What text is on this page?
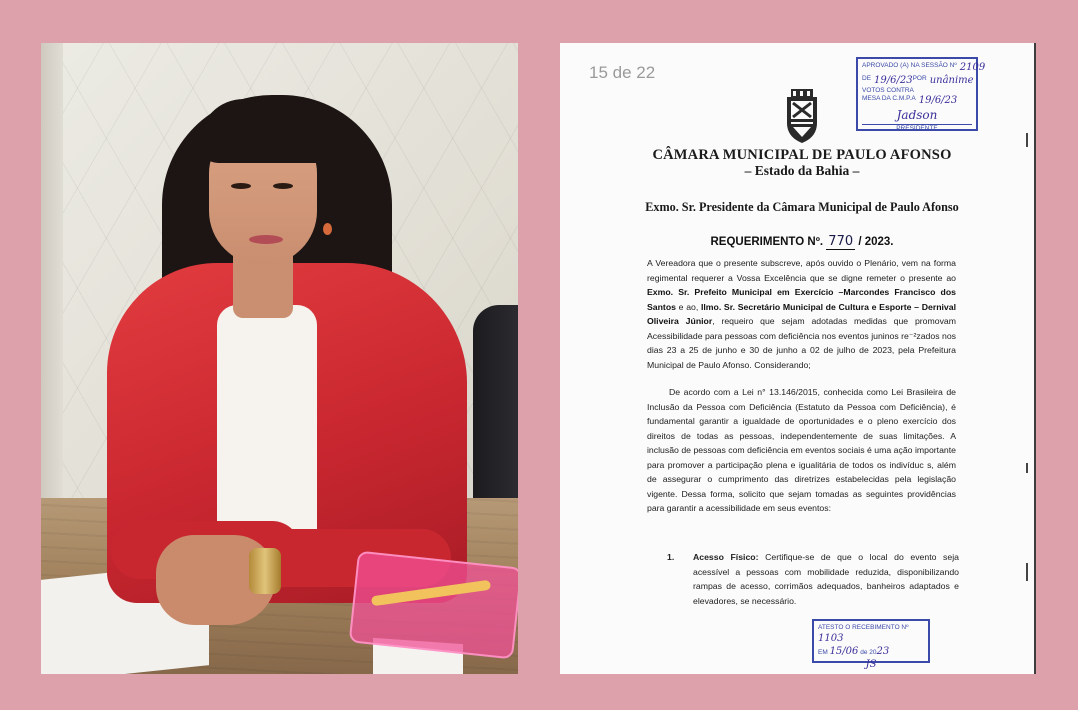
15 de 22	APROVADO (A) NA SESSÃO Nº 2109
DE 19/6/23 POR unânime
VOTOS CONTRA
MESA DA C.M.P.A 19/6/23
Jadson
PRESIDENTE
CÂMARA MUNICIPAL DE PAULO AFONSO
– Estado da Bahia –
Exmo. Sr. Presidente da Câmara Municipal de Paulo Afonso
REQUERIMENTO Nº. 770 / 2023.
A Vereadora que o presente subscreve, após ouvido o Plenário, vem na forma regimental requerer a Vossa Excelência que se digne remeter o presente ao Exmo. Sr. Prefeito Municipal em Exercício –Marcondes Francisco dos Santos e ao, Ilmo. Sr. Secretário Municipal de Cultura e Esporte – Dernival Oliveira Júnior, requeiro que sejam adotadas medidas que promovam Acessibilidade para pessoas com deficiência nos eventos juninos re⁻²zados nos dias 23 a 25 de junho e 30 de junho a 02 de julho de 2023, pela Prefeitura Municipal de Paulo Afonso. Considerando;
De acordo com a Lei n° 13.146/2015, conhecida como Lei Brasileira de Inclusão da Pessoa com Deficiência (Estatuto da Pessoa com Deficiência), é fundamental garantir a igualdade de oportunidades e o pleno exercício dos direitos de todas as pessoas, independentemente de suas limitações. A inclusão de pessoas com deficiência em eventos sociais é uma ação importante para promover a participação plena e igualitária de todos os indivíduc s, além de assegurar o cumprimento das diretrizes estabelecidas pela legislação vigente. Dessa forma, solicito que sejam tomadas as seguintes providências para garantir a acessibilidade em seus eventos:
1. Acesso Físico: Certifique-se de que o local do evento seja acessível a pessoas com mobilidade reduzida, disponibilizando rampas de acesso, corrimãos adequados, banheiros adaptados e elevadores, se necessário.
ATESTO O RECEBIMENTO Nº 1103
EM 15/06 de 2023
JS
